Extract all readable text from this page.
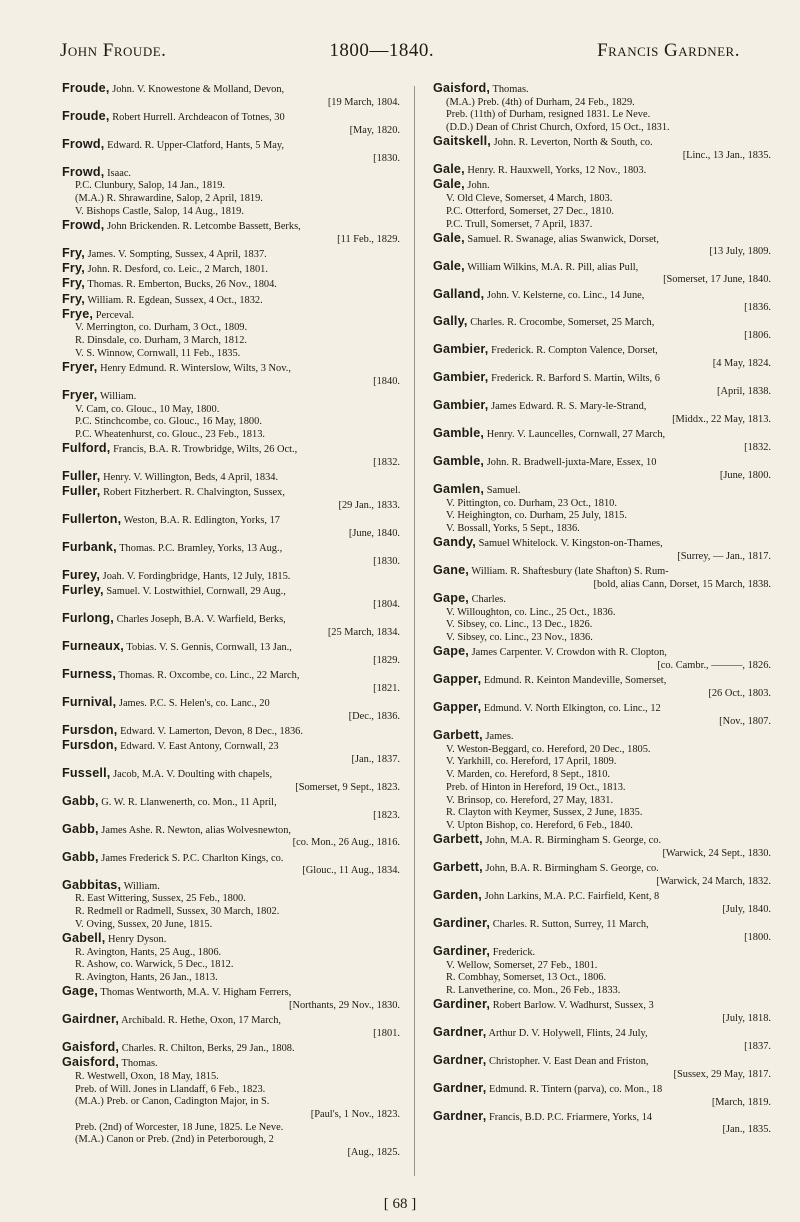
John Froude.	1800—1840.	Francis Gardner.
Froude, John. V. Knowestone & Molland, Devon,
[19 March, 1804.
Froude, Robert Hurrell. Archdeacon of Totnes, 30
[May, 1820.
Frowd, Edward. R. Upper-Clatford, Hants, 5 May,
[1830.
Frowd, Isaac.
P.C. Clunbury, Salop, 14 Jan., 1819.
(M.A.) R. Shrawardine, Salop, 2 April, 1819.
V. Bishops Castle, Salop, 14 Aug., 1819.
Frowd, John Brickenden. R. Letcombe Bassett, Berks,
[11 Feb., 1829.
Fry, James. V. Sompting, Sussex, 4 April, 1837.
Fry, John. R. Desford, co. Leic., 2 March, 1801.
Fry, Thomas. R. Emberton, Bucks, 26 Nov., 1804.
Fry, William. R. Egdean, Sussex, 4 Oct., 1832.
Frye, Perceval.
V. Merrington, co. Durham, 3 Oct., 1809.
R. Dinsdale, co. Durham, 3 March, 1812.
V. S. Winnow, Cornwall, 11 Feb., 1835.
Fryer, Henry Edmund. R. Winterslow, Wilts, 3 Nov.,
[1840.
Fryer, William.
V. Cam, co. Glouc., 10 May, 1800.
P.C. Stinchcombe, co. Glouc., 16 May, 1800.
P.C. Wheatenhurst, co. Glouc., 23 Feb., 1813.
Fulford, Francis, B.A. R. Trowbridge, Wilts, 26 Oct.,
[1832.
Fuller, Henry. V. Willington, Beds, 4 April, 1834.
Fuller, Robert Fitzherbert. R. Chalvington, Sussex,
[29 Jan., 1833.
Fullerton, Weston, B.A. R. Edlington, Yorks, 17
[June, 1840.
Furbank, Thomas. P.C. Bramley, Yorks, 13 Aug.,
[1830.
Furey, Joah. V. Fordingbridge, Hants, 12 July, 1815.
Furley, Samuel. V. Lostwithiel, Cornwall, 29 Aug.,
[1804.
Furlong, Charles Joseph, B.A. V. Warfield, Berks,
[25 March, 1834.
Furneaux, Tobias. V. S. Gennis, Cornwall, 13 Jan.,
[1829.
Furness, Thomas. R. Oxcombe, co. Linc., 22 March,
[1821.
Furnival, James. P.C. S. Helen's, co. Lanc., 20
[Dec., 1836.
Fursdon, Edward. V. Lamerton, Devon, 8 Dec., 1836.
Fursdon, Edward. V. East Antony, Cornwall, 23
[Jan., 1837.
Fussell, Jacob, M.A. V. Doulting with chapels,
[Somerset, 9 Sept., 1823.
Gabb, G. W. R. Llanwenerth, co. Mon., 11 April,
[1823.
Gabb, James Ashe. R. Newton, alias Wolvesnewton,
[co. Mon., 26 Aug., 1816.
Gabb, James Frederick S. P.C. Charlton Kings, co.
[Glouc., 11 Aug., 1834.
Gabbitas, William.
R. East Wittering, Sussex, 25 Feb., 1800.
R. Redmell or Radmell, Sussex, 30 March, 1802.
V. Oving, Sussex, 20 June, 1815.
Gabell, Henry Dyson.
R. Avington, Hants, 25 Aug., 1806.
R. Ashow, co. Warwick, 5 Dec., 1812.
R. Avington, Hants, 26 Jan., 1813.
Gage, Thomas Wentworth, M.A. V. Higham Ferrers,
[Northants, 29 Nov., 1830.
Gairdner, Archibald. R. Hethe, Oxon, 17 March,
[1801.
Gaisford, Charles. R. Chilton, Berks, 29 Jan., 1808.
Gaisford, Thomas.
R. Westwell, Oxon, 18 May, 1815.
Preb. of Will. Jones in Llandaff, 6 Feb., 1823.
(M.A.) Preb. or Canon, Cadington Major, in S.
[Paul's, 1 Nov., 1823.
Preb. (2nd) of Worcester, 18 June, 1825. Le Neve.
(M.A.) Canon or Preb. (2nd) in Peterborough, 2
[Aug., 1825.
Gaisford, Thomas.
(M.A.) Preb. (4th) of Durham, 24 Feb., 1829.
Preb. (11th) of Durham, resigned 1831. Le Neve.
(D.D.) Dean of Christ Church, Oxford, 15 Oct., 1831.
Gaitskell, John. R. Leverton, North & South, co.
[Linc., 13 Jan., 1835.
Gale, Henry. R. Hauxwell, Yorks, 12 Nov., 1803.
Gale, John.
V. Old Cleve, Somerset, 4 March, 1803.
P.C. Otterford, Somerset, 27 Dec., 1810.
P.C. Trull, Somerset, 7 April, 1837.
Gale, Samuel. R. Swanage, alias Swanwick, Dorset,
[13 July, 1809.
Gale, William Wilkins, M.A. R. Pill, alias Pull,
[Somerset, 17 June, 1840.
Galland, John. V. Kelsterne, co. Linc., 14 June,
[1836.
Gally, Charles. R. Crocombe, Somerset, 25 March,
[1806.
Gambier, Frederick. R. Compton Valence, Dorset,
[4 May, 1824.
Gambier, Frederick. R. Barford S. Martin, Wilts, 6
[April, 1838.
Gambier, James Edward. R. S. Mary-le-Strand,
[Middx., 22 May, 1813.
Gamble, Henry. V. Launcelles, Cornwall, 27 March,
[1832.
Gamble, John. R. Bradwell-juxta-Mare, Essex, 10
[June, 1800.
Gamlen, Samuel.
V. Pittington, co. Durham, 23 Oct., 1810.
V. Heighington, co. Durham, 25 July, 1815.
V. Bossall, Yorks, 5 Sept., 1836.
Gandy, Samuel Whitelock. V. Kingston-on-Thames,
[Surrey, — Jan., 1817.
Gane, William. R. Shaftesbury (late Shafton) S. Rum-
[bold, alias Cann, Dorset, 15 March, 1838.
Gape, Charles.
V. Willoughton, co. Linc., 25 Oct., 1836.
V. Sibsey, co. Linc., 13 Dec., 1826.
V. Sibsey, co. Linc., 23 Nov., 1836.
Gape, James Carpenter. V. Crowdon with R. Clopton,
[co. Cambr., ———, 1826.
Gapper, Edmund. R. Keinton Mandeville, Somerset,
[26 Oct., 1803.
Gapper, Edmund. V. North Elkington, co. Linc., 12
[Nov., 1807.
Garbett, James.
V. Weston-Beggard, co. Hereford, 20 Dec., 1805.
V. Yarkhill, co. Hereford, 17 April, 1809.
V. Marden, co. Hereford, 8 Sept., 1810.
Preb. of Hinton in Hereford, 19 Oct., 1813.
V. Brinsop, co. Hereford, 27 May, 1831.
R. Clayton with Keymer, Sussex, 2 June, 1835.
V. Upton Bishop, co. Hereford, 6 Feb., 1840.
Garbett, John, M.A. R. Birmingham S. George, co.
[Warwick, 24 Sept., 1830.
Garbett, John, B.A. R. Birmingham S. George, co.
[Warwick, 24 March, 1832.
Garden, John Larkins, M.A. P.C. Fairfield, Kent, 8
[July, 1840.
Gardiner, Charles. R. Sutton, Surrey, 11 March,
[1800.
Gardiner, Frederick.
V. Wellow, Somerset, 27 Feb., 1801.
R. Combhay, Somerset, 13 Oct., 1806.
R. Lanvetherine, co. Mon., 26 Feb., 1833.
Gardiner, Robert Barlow. V. Wadhurst, Sussex, 3
[July, 1818.
Gardner, Arthur D. V. Holywell, Flints, 24 July,
[1837.
Gardner, Christopher. V. East Dean and Friston,
[Sussex, 29 May, 1817.
Gardner, Edmund. R. Tintern (parva), co. Mon., 18
[March, 1819.
Gardner, Francis, B.D. P.C. Friarmere, Yorks, 14
[Jan., 1835.
[ 68 ]
